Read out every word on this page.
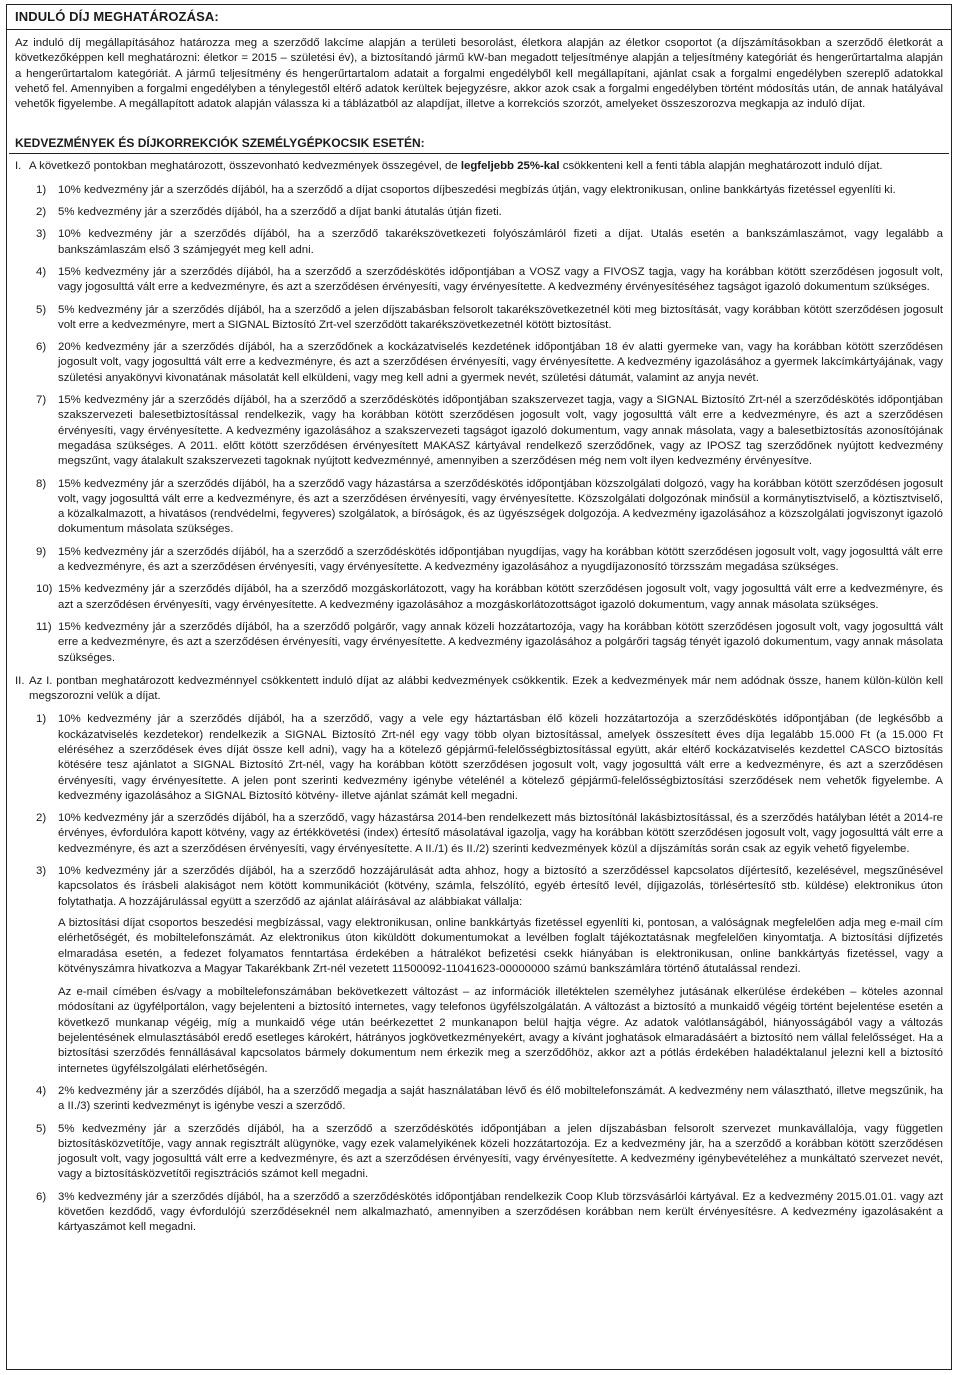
INDULÓ DÍJ MEGHATÁROZÁSA:

Az induló díj megállapításához határozza meg a szerződő lakcíme alapján a területi besorolást, életkora alapján az életkor csoportot (a díjszámításokban a szerződő életkorát a következőképpen kell meghatározni: életkor = 2015 – születési év), a biztosítandó jármű kW-ban megadott teljesítménye alapján a teljesítmény kategóriát és hengerűrtartalma alapján a hengerűrtartalom kategóriát. A jármű teljesítmény és hengerűrtartalom adatait a forgalmi engedélyből kell megállapítani, ajánlat csak a forgalmi engedélyben szereplő adatokkal vehető fel. Amennyiben a forgalmi engedélyben a ténylegestől eltérő adatok kerültek bejegyzésre, akkor azok csak a forgalmi engedélyben történt módosítás után, de annak hatályával vehetők figyelembe. A megállapított adatok alapján válassza ki a táblázatból az alapdíjat, illetve a korrekciós szorzót, amelyeket összeszorozva megkapja az induló díjat.

KEDVEZMÉNYEK ÉS DÍJKORREKCIÓK SZEMÉLYGÉPKOCSIK ESETÉN:

I. A következő pontokban meghatározott, összevonható kedvezmények összegével, de legfeljebb 25%-kal csökkenteni kell a fenti tábla alapján meghatározott induló díjat.

1) 10% kedvezmény jár a szerződés díjából, ha a szerződő a díjat csoportos díjbeszedési megbízás útján, vagy elektronikusan, online bankkártyás fizetéssel egyenlíti ki.

2) 5% kedvezmény jár a szerződés díjából, ha a szerződő a díjat banki átutalás útján fizeti.

3) 10% kedvezmény jár a szerződés díjából, ha a szerződő takarékszövetkezeti folyószámláról fizeti a díjat. Utalás esetén a bankszámlaszámot, vagy legalább a bankszámlaszám első 3 számjegyét meg kell adni.

4) 15% kedvezmény jár a szerződés díjából, ha a szerződő a szerződéskötés időpontjában a VOSZ vagy a FIVOSZ tagja, vagy ha korábban kötött szerződésen jogosult volt, vagy jogosulttá vált erre a kedvezményre, és azt a szerződésen érvényesíti, vagy érvényesítette. A kedvezmény érvényesítéséhez tagságot igazoló dokumentum szükséges.

5) 5% kedvezmény jár a szerződés díjából, ha a szerződő a jelen díjszabásban felsorolt takarékszövetkezetnél köti meg biztosítását, vagy korábban kötött szerződésen jogosult volt erre a kedvezményre, mert a SIGNAL Biztosító Zrt-vel szerződött takarékszövetkezetnél kötött biztosítást.

6) 20% kedvezmény jár a szerződés díjából, ha a szerződőnek a kockázatviselés kezdetének időpontjában 18 év alatti gyermeke van, vagy ha korábban kötött szerződésen jogosult volt, vagy jogosulttá vált erre a kedvezményre, és azt a szerződésen érvényesíti, vagy érvényesítette. A kedvezmény igazolásához a gyermek lakcímkártyájának, vagy születési anyakönyvi kivonatának másolatát kell elküldeni, vagy meg kell adni a gyermek nevét, születési dátumát, valamint az anyja nevét.

7) 15% kedvezmény jár a szerződés díjából, ha a szerződő a szerződéskötés időpontjában szakszervezet tagja, vagy a SIGNAL Biztosító Zrt-nél a szerződéskötés időpontjában szakszervezeti balesetbiztosítással rendelkezik, vagy ha korábban kötött szerződésen jogosult volt, vagy jogosulttá vált erre a kedvezményre, és azt a szerződésen érvényesíti, vagy érvényesítette. A kedvezmény igazolásához a szakszervezeti tagságot igazoló dokumentum, vagy annak másolata, vagy a balesetbiztosítás azonosítójának megadása szükséges. A 2011. előtt kötött szerződésen érvényesített MAKASZ kártyával rendelkező szerződőnek, vagy az IPOSZ tag szerződőnek nyújtott kedvezmény megszűnt, vagy átalakult szakszervezeti tagoknak nyújtott kedvezménnyé, amennyiben a szerződésen még nem volt ilyen kedvezmény érvényesítve.

8) 15% kedvezmény jár a szerződés díjából, ha a szerződő vagy házastársa a szerződéskötés időpontjában közszolgálati dolgozó, vagy ha korábban kötött szerződésen jogosult volt, vagy jogosulttá vált erre a kedvezményre, és azt a szerződésen érvényesíti, vagy érvényesítette. Közszolgálati dolgozónak minősül a kormánytisztviselő, a köztisztviselő, a közalkalmazott, a hivatásos (rendvédelmi, fegyveres) szolgálatok, a bíróságok, és az ügyészségek dolgozója. A kedvezmény igazolásához a közszolgálati jogviszonyt igazoló dokumentum másolata szükséges.

9) 15% kedvezmény jár a szerződés díjából, ha a szerződő a szerződéskötés időpontjában nyugdíjas, vagy ha korábban kötött szerződésen jogosult volt, vagy jogosulttá vált erre a kedvezményre, és azt a szerződésen érvényesíti, vagy érvényesítette. A kedvezmény igazolásához a nyugdíjazonosító törzsszám megadása szükséges.

10) 15% kedvezmény jár a szerződés díjából, ha a szerződő mozgáskorlátozott, vagy ha korábban kötött szerződésen jogosult volt, vagy jogosulttá vált erre a kedvezményre, és azt a szerződésen érvényesíti, vagy érvényesítette. A kedvezmény igazolásához a mozgáskorlátozottságot igazoló dokumentum, vagy annak másolata szükséges.

11) 15% kedvezmény jár a szerződés díjából, ha a szerződő polgárőr, vagy annak közeli hozzátartozója, vagy ha korábban kötött szerződésen jogosult volt, vagy jogosulttá vált erre a kedvezményre, és azt a szerződésen érvényesíti, vagy érvényesítette. A kedvezmény igazolásához a polgárőri tagság tényét igazoló dokumentum, vagy annak másolata szükséges.

II. Az I. pontban meghatározott kedvezménnyel csökkentett induló díjat az alábbi kedvezmények csökkentik. Ezek a kedvezmények már nem adódnak össze, hanem külön-külön kell megszorozni velük a díjat.

1) 10% kedvezmény jár a szerződés díjából, ha a szerződő, vagy a vele egy háztartásban élő közeli hozzátartozója a szerződéskötés időpontjában (de legkésőbb a kockázatviselés kezdetekor) rendelkezik a SIGNAL Biztosító Zrt-nél egy vagy több olyan biztosítással, amelyek összesített éves díja legalább 15.000 Ft (a 15.000 Ft eléréséhez a szerződések éves díját össze kell adni), vagy ha a kötelező gépjármű-felelősségbiztosítással együtt, akár eltérő kockázatviselés kezdettel CASCO biztosítás kötésére tesz ajánlatot a SIGNAL Biztosító Zrt-nél, vagy ha korábban kötött szerződésen jogosult volt, vagy jogosulttá vált erre a kedvezményre, és azt a szerződésen érvényesíti, vagy érvényesítette. A jelen pont szerinti kedvezmény igénybe vételénél a kötelező gépjármű-felelősségbiztosítási szerződések nem vehetők figyelembe. A kedvezmény igazolásához a SIGNAL Biztosító kötvény- illetve ajánlat számát kell megadni.

2) 10% kedvezmény jár a szerződés díjából, ha a szerződő, vagy házastársa 2014-ben rendelkezett más biztosítónál lakásbiztosítással, és a szerződés hatályban létét a 2014-re érvényes, évfordulóra kapott kötvény, vagy az értékkövetési (index) értesítő másolatával igazolja, vagy ha korábban kötött szerződésen jogosult volt, vagy jogosulttá vált erre a kedvezményre, és azt a szerződésen érvényesíti, vagy érvényesítette. A II./1) és II./2) szerinti kedvezmények közül a díjszámítás során csak az egyik vehető figyelembe.

3) 10% kedvezmény jár a szerződés díjából, ha a szerződő hozzájárulását adta ahhoz, hogy a biztosító a szerződéssel kapcsolatos díjértesítő, kezelésével, megszűnésével kapcsolatos és írásbeli alakiságot nem kötött kommunikációt (kötvény, számla, felszólító, egyéb értesítő levél, díjigazolás, törlésértesítő stb. küldése) elektronikus úton folytathatja. A hozzájárulással együtt a szerződő az ajánlat aláírásával az alábbiakat vállalja:

A biztosítási díjat csoportos beszedési megbízással, vagy elektronikusan, online bankkártyás fizetéssel egyenlíti ki, pontosan, a valóságnak megfelelően adja meg e-mail cím elérhetőségét, és mobiltelefonszámát. Az elektronikus úton kiküldött dokumentumokat a levélben foglalt tájékoztatásnak megfelelően kinyomtatja. A biztosítási díjfizetés elmaradása esetén, a fedezet folyamatos fenntartása érdekében a hátralékot befizetési csekk hiányában is elektronikusan, online bankkártyás fizetéssel, vagy a kötvényszámra hivatkozva a Magyar Takarékbank Zrt-nél vezetett 11500092-11041623-00000000 számú bankszámlára történő átutalással rendezi.

Az e-mail címében és/vagy a mobiltelefonszámában bekövetkezett változást – az információk illetéktelen személyhez jutásának elkerülése érdekében – köteles azonnal módosítani az ügyfélportálon, vagy bejelenteni a biztosító internetes, vagy telefonos ügyfélszolgálatán. A változást a biztosító a munkaidő végéig történt bejelentése esetén a következő munkanap végéig, míg a munkaidő vége után beérkezettet 2 munkanapon belül hajtja végre. Az adatok valótlanságából, hiányosságából vagy a változás bejelentésének elmulasztásából eredő esetleges károkért, hátrányos jogkövetkezményekért, avagy a kívánt joghatások elmaradásáért a biztosító nem vállal felelősséget. Ha a biztosítási szerződés fennállásával kapcsolatos bármely dokumentum nem érkezik meg a szerződőhöz, akkor azt a pótlás érdekében haladéktalanul jelezni kell a biztosító internetes ügyfélszolgálati elérhetőségén.

4) 2% kedvezmény jár a szerződés díjából, ha a szerződő megadja a saját használatában lévő és élő mobiltelefonszámát. A kedvezmény nem választható, illetve megszűnik, ha a II./3) szerinti kedvezményt is igénybe veszi a szerződő.

5) 5% kedvezmény jár a szerződés díjából, ha a szerződő a szerződéskötés időpontjában a jelen díjszabásban felsorolt szervezet munkavállalója, vagy független biztosításközvetítője, vagy annak regisztrált alügynöke, vagy ezek valamelyikének közeli hozzátartozója. Ez a kedvezmény jár, ha a szerződő a korábban kötött szerződésen jogosult volt, vagy jogosulttá vált erre a kedvezményre, és azt a szerződésen érvényesíti, vagy érvényesítette. A kedvezmény igénybevételéhez a munkáltató szervezet nevét, vagy a biztosításközvetítői regisztrációs számot kell megadni.

6) 3% kedvezmény jár a szerződés díjából, ha a szerződő a szerződéskötés időpontjában rendelkezik Coop Klub törzsvásárlói kártyával. Ez a kedvezmény 2015.01.01. vagy azt követően kezdődő, vagy évfordulójú szerződéseknél nem alkalmazható, amennyiben a szerződésen korábban nem került érvényesítésre. A kedvezmény igazolásaként a kártyaszámot kell megadni.
